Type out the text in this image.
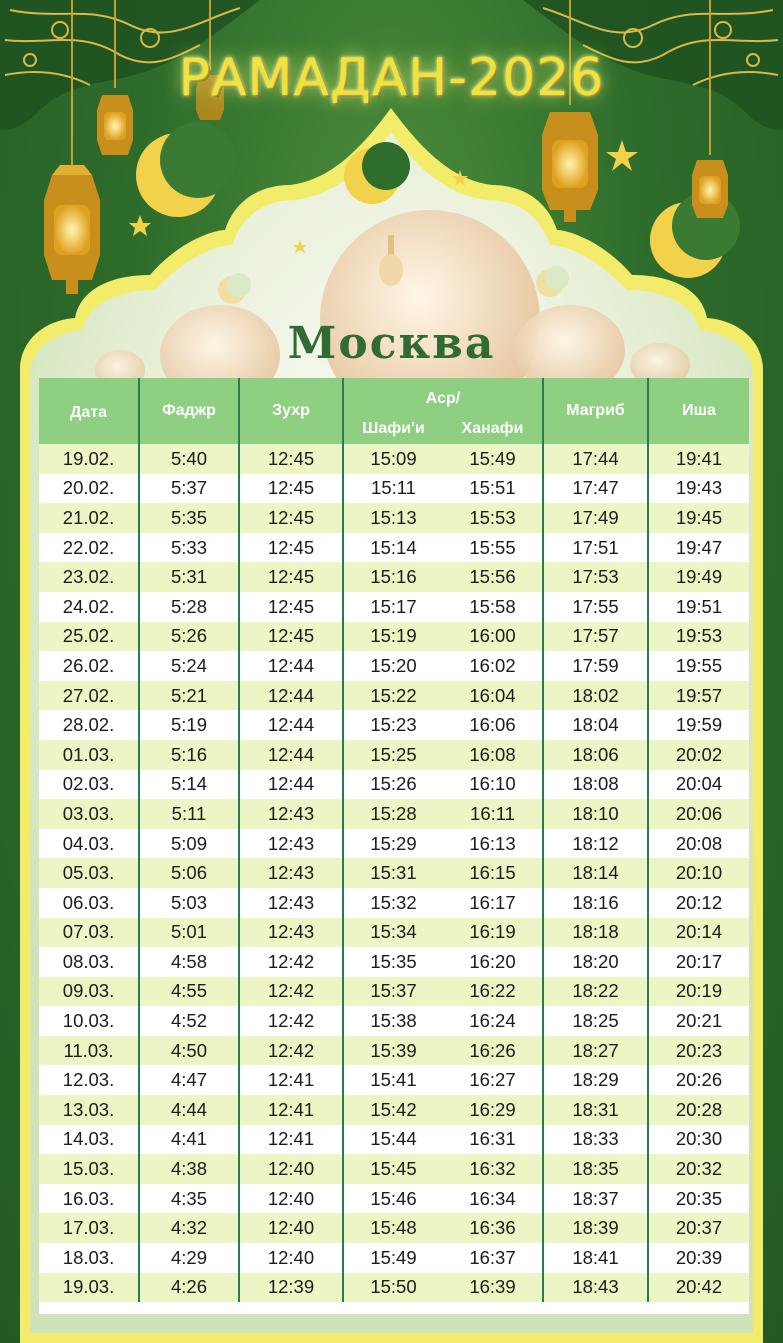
РАМАДАН-2026
Москва
Дата	Фаджр	Зухр	Аср/		Магриб	Иша
			Шафи'и	Ханафи		
19.02.	5:40	12:45	15:09	15:49	17:44	19:41
20.02.	5:37	12:45	15:11	15:51	17:47	19:43
21.02.	5:35	12:45	15:13	15:53	17:49	19:45
22.02.	5:33	12:45	15:14	15:55	17:51	19:47
23.02.	5:31	12:45	15:16	15:56	17:53	19:49
24.02.	5:28	12:45	15:17	15:58	17:55	19:51
25.02.	5:26	12:45	15:19	16:00	17:57	19:53
26.02.	5:24	12:44	15:20	16:02	17:59	19:55
27.02.	5:21	12:44	15:22	16:04	18:02	19:57
28.02.	5:19	12:44	15:23	16:06	18:04	19:59
01.03.	5:16	12:44	15:25	16:08	18:06	20:02
02.03.	5:14	12:44	15:26	16:10	18:08	20:04
03.03.	5:11	12:43	15:28	16:11	18:10	20:06
04.03.	5:09	12:43	15:29	16:13	18:12	20:08
05.03.	5:06	12:43	15:31	16:15	18:14	20:10
06.03.	5:03	12:43	15:32	16:17	18:16	20:12
07.03.	5:01	12:43	15:34	16:19	18:18	20:14
08.03.	4:58	12:42	15:35	16:20	18:20	20:17
09.03.	4:55	12:42	15:37	16:22	18:22	20:19
10.03.	4:52	12:42	15:38	16:24	18:25	20:21
11.03.	4:50	12:42	15:39	16:26	18:27	20:23
12.03.	4:47	12:41	15:41	16:27	18:29	20:26
13.03.	4:44	12:41	15:42	16:29	18:31	20:28
14.03.	4:41	12:41	15:44	16:31	18:33	20:30
15.03.	4:38	12:40	15:45	16:32	18:35	20:32
16.03.	4:35	12:40	15:46	16:34	18:37	20:35
17.03.	4:32	12:40	15:48	16:36	18:39	20:37
18.03.	4:29	12:40	15:49	16:37	18:41	20:39
19.03.	4:26	12:39	15:50	16:39	18:43	20:42
